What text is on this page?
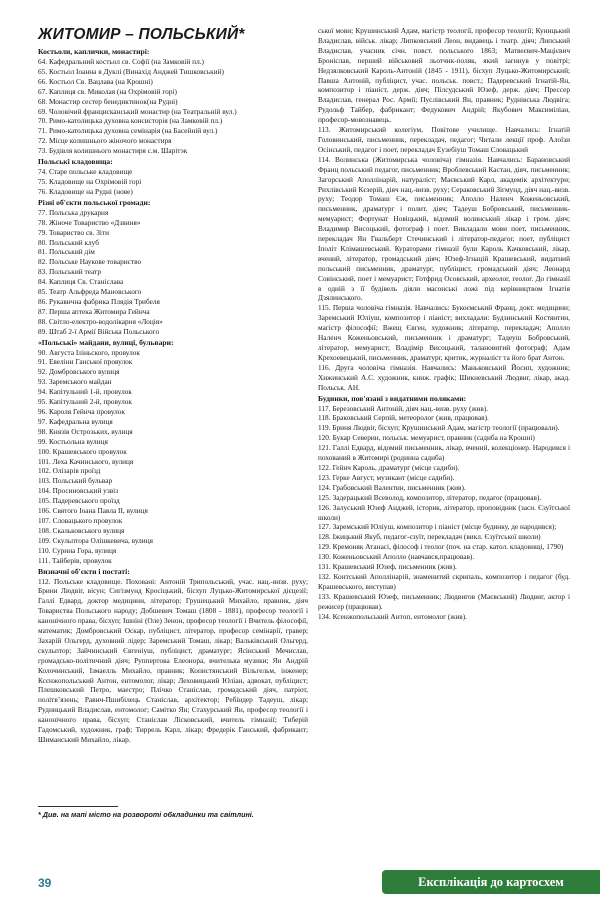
ЖИТОМИР – ПОЛЬСЬКИЙ*
Костьоли, каплички, монастирі:
64. Кафедральний костьол св. Софії (на Замковій пл.)
65. Костьол Іоанна в Дуклі (Винахiд Анджей Тишковський)
66. Костьол Св. Вацлава (на Крошні)
67. Каплиця св. Миколая (на Охрімовій горі)
68. Монастир сестер бенедиктинок(на Рудні)
69. Чоловічий францисканський монастир (на Театральній вул.)
70. Римо-католицька духовна консисторія (на Замковій пл.)
71. Римо-католицька духовна семінарія (на Басейній вул.)
72. Місце колишнього жіночого монастиря
73. Будівля колишнього монастиря с.м. Шарітэк
Польські кладовища:
74. Старе польське кладовище
75. Кладовище на Охрімовій горі
76. Кладовище на Рудні (нове)
Різні об'єкти польської громади:
77. Польська друкарня
78. Жіноче Товариство «Дзвиня»
79. Товариство св. Зіти
80. Польський клуб
81. Польський дім
82. Польське Наукове товариство
83. Польський театр
84. Каплиця Св. Станіслава
85. Театр Альфреда Мановського
86. Рукавична фабрика Плядія Трибеля
87. Перша аптека Житомира Гейнча
88. Світло-електро-водолікарня «Лоція»
89. Штаб 2-ї Армії Війська Польського
«Польські» майдани, вулиці, бульвари:
90. Августа Іліньского, провулок
91. Евеліни Ганської провулок
92. Домбровського вулиця
93. Заремського майдан
94. Капітульний 1-й, провулок
95. Капітульний 2-й, провулок
96. Кароля Гейнча провулок
97. Кафедральна вулиця
98. Князів Острозьких, вулиця
99. Костьольна вулиця
100. Крашевського провулок
101. Леха Качинського, вулиця
102. Олізарів проїзд
103. Польський бульвар
104. Просиновський узвіз
105. Падеревського проїзд
106. Святого Іоана Павла II, вулиця
107. Словацького провулок
108. Скальковського вулиця
109. Скульптора Олішкевича, вулиця
110. Сурина Гора, вулиця
111. Тайберів, провулок
Визначні об'єкти і постаті:
112. Польське кладовище. Поховані: Антоній Трипольський, учас. нац.-визв. руху; Брини Людвіг, вісун; Сигізмунд Кросіцький, бісхуп Луцько-Житомирської дієцезії; Галлі Едвард, доктор медицини, літератор; Грушецький Михайло, правник, діяч Товариства Польського народу; Добшевич Томаш (1808 - 1881), професор теології і канонічного права, бісхуп; Ішніні (Оле) Зенон, професор теології і Вчитель філософії, математик; Домбровський Оскар, публіцист, літератор, професор семінарії, гравер; Захарій Ольгерд, духовний лідер; Заремський Томаш, лікар; Вальківський Ольгерд, скульптор; Зайчинський Євгеніуш, публіцист, драматург; Ясінський Мечислав, громадсько-політичний діяч; Руппертова Елеонора, вчителька музики; Ян Андрій Колочинський, Ізмаелль Михайло, правник; Копистянський Вільгельм, інженер; Ксєнжопольський Антон, ентомолог, лікар; Леховицький Юліан, адвокат, публіцист; Плешковський Петро, маестро; Плічко Станіслав, громадський діяч, патріот, політвʼязень; Равич-Пшибілець Станіслав, архітектор; Ребіндер Тадеуш, лікар; Рудницький Владислав, ентомолог; Самітко Ян; Стахурський Ян, професор теології і канонічного права, бісхуп; Станіслав Лісковський, вчитель гімназії; Тиберій Гадомський, художник, граф; Тиррель Карл, лікар; Фредерік Ганський, фабрикант; Шиманський Михайло, лікар.
ської мови; Крушинський Адам, магістр теології, професор теології; Куницький Владислав, військ. лікар; Липковський Леон, видавець і театр. діяч; Липський Владислав, учасник січн. повст. польського 1863; Матвеєвич-Мацієвич Броніслав, перший військовий льотчик-поляк, який загинув у повітрі; Недзялковський Кароль-Антоній (1845 - 1911), бісхуп Луцько-Житомирський; Павша Антоній, публіцист, учас. польськ. повст.; Падеревський Ігнатій-Ян, композитор і піаніст, держ. діяч; Пілсудський Юзеф, держ. діяч; Прессер Владислав, генерал Рос. Армії; Пуслівський Ян, правник; Руднівська Людвіга; Рудольф Тайбер, фабрикант; Федукович Андрій; Якубович Максиміліан, професор-мовознавець.
113. Житомирський колегіум, Повітове училище. Навчались: Ігнатій Головинський, письменник, перекладач, педагог; Читали лекції проф. Алоїзи Осінський, педагог і поет, перекладач Еузебіуш Томаш Словацький
114. Волинська (Житомирська чоловіча) гімназія. Навчались: Барановський Франц польський педагог, письменник; Вроблевський Кастан, діяч, письменник; Загорський Аполлінарій, натураліст; Маєвський Карл, академік архітектури; Рихлівський Кєзерій, діяч нац.-визв. руху; Сераковський Зігмунд, діяч нац.-визв. руху; Теодор Томаш Єж, письменник; Аполло Наленч Коженьовський, письменник, драматург і полит. діяч; Тадеуш Бобровський, письменник-мемуарист; Фортунат Новіцький, відомий волинський лікар і гром. діяч; Владимир Висоцький, фотограф і поет. Викладали мови поет, письменник, перекладач Ян Гвальберт Стечинський і літератор-педагог, поет, публіцист Іполіт Клімашевський. Кураторами гімназії були Кароль Качковський, лікар, вчений, літератор, громадський діяч; Юзеф-Ігнацій Крашевський, видатний польський письменник, драматург, публіцист, громадський діяч; Леонард Совінський, поет і мемуарист; Готфрид Осовський, археолог, геолог. До гімназії в одній з її будівель діяли масонські ложі під керівництвом Ігнатія Дзялинського.
115. Перша чоловіча гімназія. Навчались: Букоємський Франц, докт. медицини; Заремський Юліуш, композитор і піаніст; вихладали: Будзинський Костянтин, магістр філософії; Вжещ Євген, художник; літератор, перекладач; Аполло Наленч Коженьовський, письменник і драматург; Тадеуш Бобровський, літератор, мемуарист; Владімір Висоцький, талановитий фотограф; Адам Крехоевецький, письменник, драматург, критик, журналіст та його брат Антон.
116. Друга чоловіча гімназія. Навчались: Маньковський Йосип, художник; Хижинський А.С. художник, книж. графік; Шикневський Людвиг, лікар, акад. Польськ. АН.
Будинки, пов'язані з видатними поляками:
117. Березовський Антоній, діяч нац.-визв. руху (жив).
118. Браковський Серпій, метеоролог (жив, працював).
119. Бриня Людвіг, бісхуп; Крушинський Адам, магістр теології (працювали).
120. Букар Северин, польськ. мемуарист, правник (садиба на Крошні)
121. Галлі Едвард, відомий письменник, лікар, вчений, колекціонер. Народився і похований в Житомирі (родинна садиба)
122. Гейнч Кароль, драматург (місце садиби).
123. Герке Август, музикант (місце садиби).
124. Грабовський Валентин, письменник (жив).
125. Задерацький Всеволод, композитор, літератор, педагог (працював).
126. Залуський Юзеф Анджей, історик, літератор, проповідник (засн. Єзуїтської школи)
127. Заремський Юліуш, композитор і піаніст (місце будинку, де народився);
128. Іжицький Якуб, педагог-єзуїт, перекладач (викл. Єзуїтської школи)
129. Кремоняк Атанасі, філософ і теолог (поч. на стар. катол. кладовищі, 1790)
130. Коженьовський Аполло (навчався,працював).
131. Крашевський Юзеф, письменник (жив).
132. Контський Аполлінарій, знаменитий скрипаль, композитор і педагог (буд. Крашевського, виступав)
133. Крашевський Юзеф, письменник; Людвигов (Маєвський) Людвиг, актор і режисер (працював).
134. Ксенжопольський Антоп, ентомолог (жив).
* Див. на мапі місто на розвороті обкладинки та світлині.
39	Експлікація до картосхем
